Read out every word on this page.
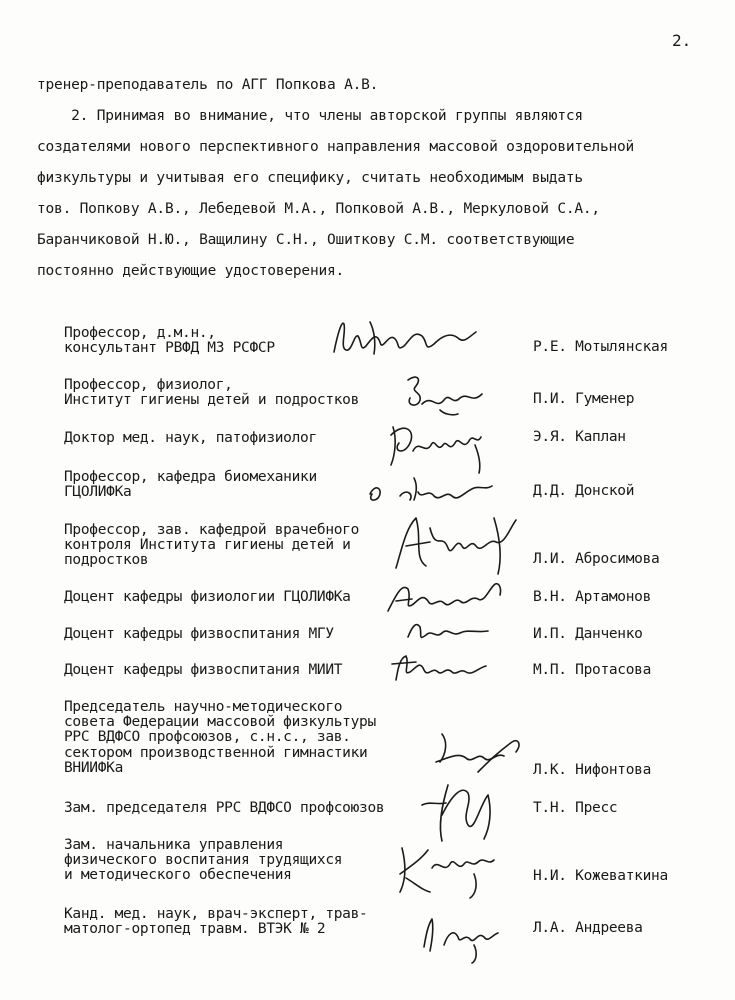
2.
тренер-преподаватель по АГГ Попкова А.В.
2. Принимая во внимание, что члены авторской группы являются
создателями нового перспективного направления массовой оздоровительной
физкультуры и учитывая его специфику, считать необходимым выдать
тов. Попкову А.В., Лебедевой М.А., Попковой А.В., Меркуловой С.А.,
Баранчиковой Н.Ю., Ващилину С.Н., Ошиткову С.М. соответствующие
постоянно действующие удостоверения.
Профессор, д.м.н.,
консультант РВФД МЗ РСФСР	Р.Е. Мотылянская
Профессор, физиолог,
Институт гигиены детей и подростков	П.И. Гуменер
Доктор мед. наук, патофизиолог	Э.Я. Каплан
Профессор, кафедра биомеханики
ГЦОЛИФКа	Д.Д. Донской
Профессор, зав. кафедрой врачебного
контроля Института гигиены детей и
подростков	Л.И. Абросимова
Доцент кафедры физиологии ГЦОЛИФКа	В.Н. Артамонов
Доцент кафедры физвоспитания МГУ	И.П. Данченко
Доцент кафедры физвоспитания МИИТ	М.П. Протасова
Председатель научно-методического
совета Федерации массовой физкультуры
РРС ВДФСО профсоюзов, с.н.с., зав.
сектором производственной гимнастики
ВНИИФКа	Л.К. Нифонтова
Зам. председателя РРС ВДФСО профсоюзов	Т.Н. Пресс
Зам. начальника управления
физического воспитания трудящихся
и методического обеспечения	Н.И. Кожеваткина
Канд. мед. наук, врач-эксперт, трав-
матолог-ортопед травм. ВТЭК № 2	Л.А. Андреева
